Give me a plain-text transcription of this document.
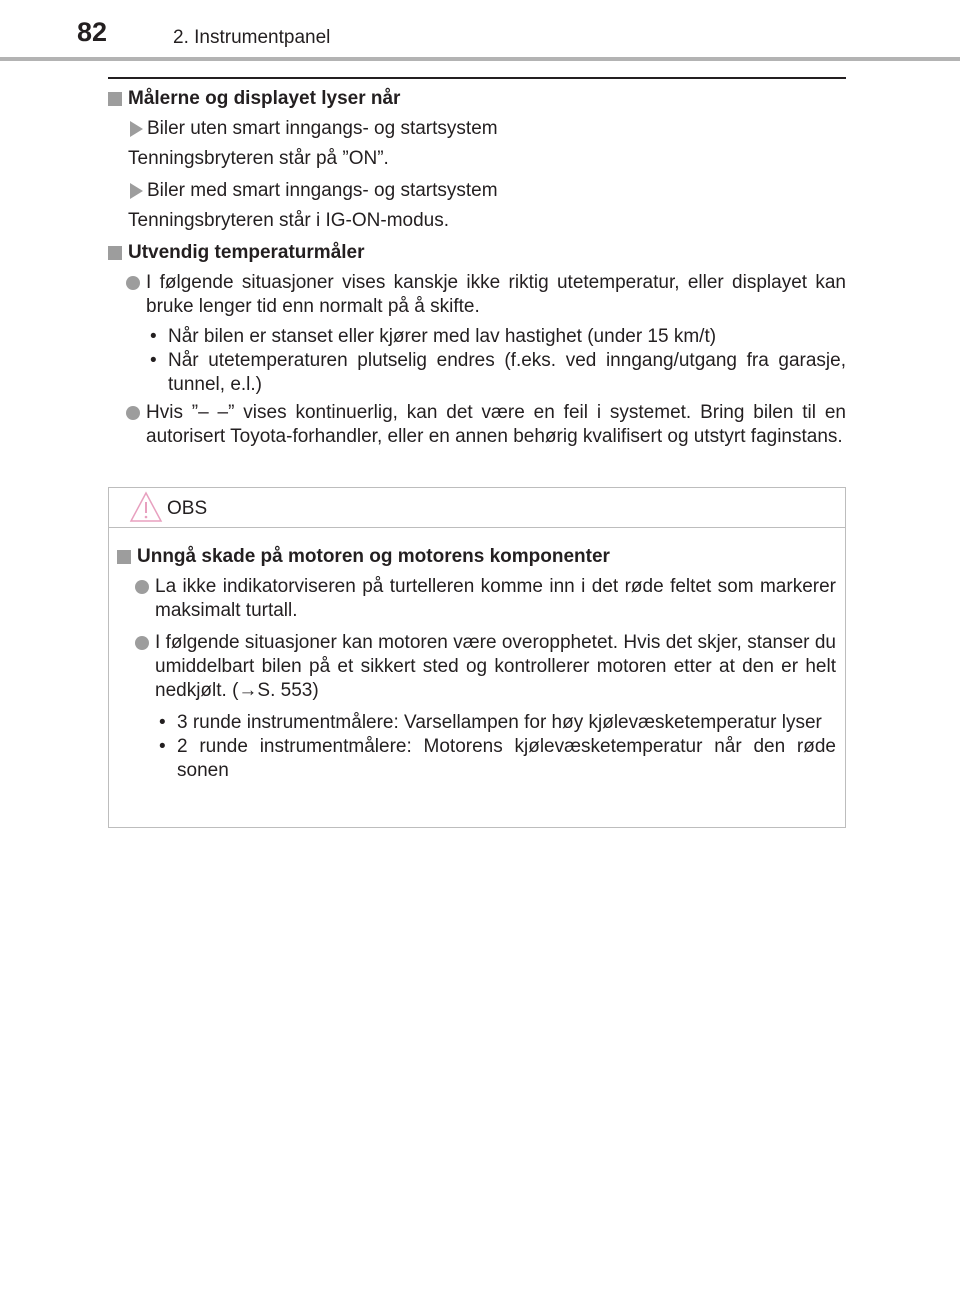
82	2. Instrumentpanel
Målerne og displayet lyser når
Biler uten smart inngangs- og startsystem
Tenningsbryteren står på ”ON”.
Biler med smart inngangs- og startsystem
Tenningsbryteren står i IG-ON-modus.
Utvendig temperaturmåler
I følgende situasjoner vises kanskje ikke riktig utetemperatur, eller displayet kan bruke lenger tid enn normalt på å skifte.
• Når bilen er stanset eller kjører med lav hastighet (under 15 km/t)
• Når utetemperaturen plutselig endres (f.eks. ved inngang/utgang fra garasje, tunnel, e.l.)
Hvis ”– –” vises kontinuerlig, kan det være en feil i systemet. Bring bilen til en autorisert Toyota-forhandler, eller en annen behørig kvalifisert og utstyrt faginstans.
OBS
Unngå skade på motoren og motorens komponenter
La ikke indikatorviseren på turtelleren komme inn i det røde feltet som markerer maksimalt turtall.
I følgende situasjoner kan motoren være overopphetet. Hvis det skjer, stanser du umiddelbart bilen på et sikkert sted og kontrollerer motoren etter at den er helt nedkjølt. (→S. 553)
• 3 runde instrumentmålere: Varsellampen for høy kjølevæsketemperatur lyser
• 2 runde instrumentmålere: Motorens kjølevæsketemperatur når den røde sonen
